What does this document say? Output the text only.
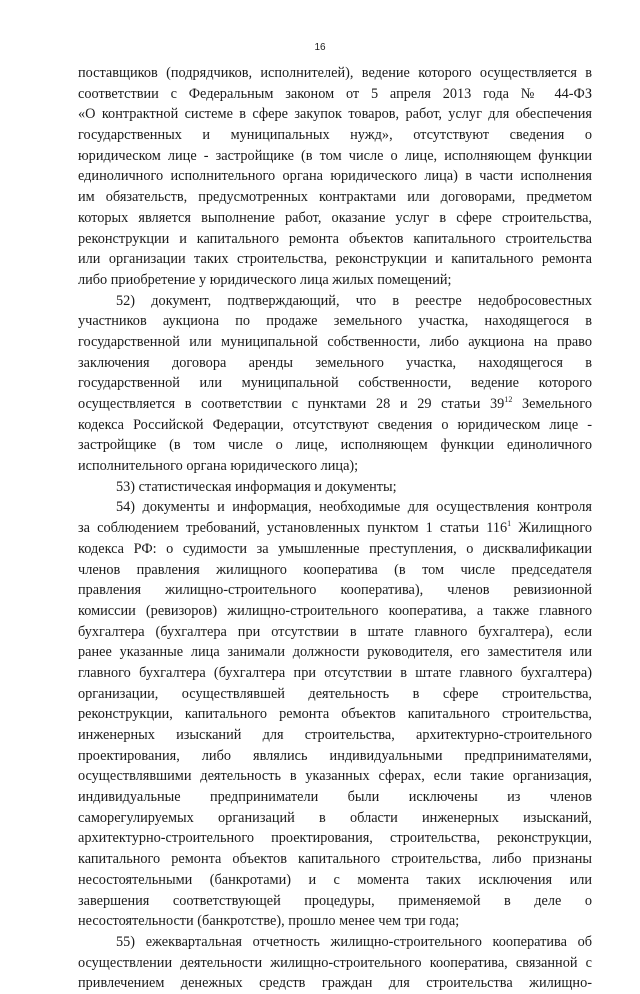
16
поставщиков (подрядчиков, исполнителей), ведение которого осуществляется в
соответствии с Федеральным законом от 5 апреля 2013 года № 44-ФЗ
«О контрактной системе в сфере закупок товаров, работ, услуг для обеспечения
государственных и муниципальных нужд», отсутствуют сведения о
юридическом лице - застройщике (в том числе о лице, исполняющем функции
единоличного исполнительного органа юридического лица) в части исполнения
им обязательств, предусмотренных контрактами или договорами, предметом
которых является выполнение работ, оказание услуг в сфере строительства,
реконструкции и капитального ремонта объектов капитального строительства
или организации таких строительства, реконструкции и капитального ремонта
либо приобретение у юридического лица жилых помещений;
52) документ, подтверждающий, что в реестре недобросовестных
участников аукциона по продаже земельного участка, находящегося в
государственной или муниципальной собственности, либо аукциона на право
заключения договора аренды земельного участка, находящегося в
государственной или муниципальной собственности, ведение которого
осуществляется в соответствии с пунктами 28 и 29 статьи $39^{12}$ Земельного
кодекса Российской Федерации, отсутствуют сведения о юридическом лице -
застройщике (в том числе о лице, исполняющем функции единоличного
исполнительного органа юридического лица);
53) статистическая информация и документы;
54) документы и информация, необходимые для осуществления контроля
за соблюдением требований, установленных пунктом 1 статьи $116^1$ Жилищного
кодекса РФ: о судимости за умышленные преступления, о дисквалификации
членов правления жилищного кооператива (в том числе председателя
правления жилищно-строительного кооператива), членов ревизионной
комиссии (ревизоров) жилищно-строительного кооператива, а также главного
бухгалтера (бухгалтера при отсутствии в штате главного бухгалтера), если
ранее указанные лица занимали должности руководителя, его заместителя или
главного бухгалтера (бухгалтера при отсутствии в штате главного бухгалтера)
организации, осуществлявшей деятельность в сфере строительства,
реконструкции, капитального ремонта объектов капитального строительства,
инженерных изысканий для строительства, архитектурно-строительного
проектирования, либо являлись индивидуальными предпринимателями,
осуществлявшими деятельность в указанных сферах, если такие организация,
индивидуальные предприниматели были исключены из членов
саморегулируемых организаций в области инженерных изысканий,
архитектурно-строительного проектирования, строительства, реконструкции,
капитального ремонта объектов капитального строительства, либо признаны
несостоятельными (банкротами) и с момента таких исключения или
завершения соответствующей процедуры, применяемой в деле о
несостоятельности (банкротстве), прошло менее чем три года;
55) ежеквартальная отчетность жилищно-строительного кооператива об
осуществлении деятельности жилищно-строительного кооператива, связанной с
привлечением денежных средств граждан для строительства жилищно-
